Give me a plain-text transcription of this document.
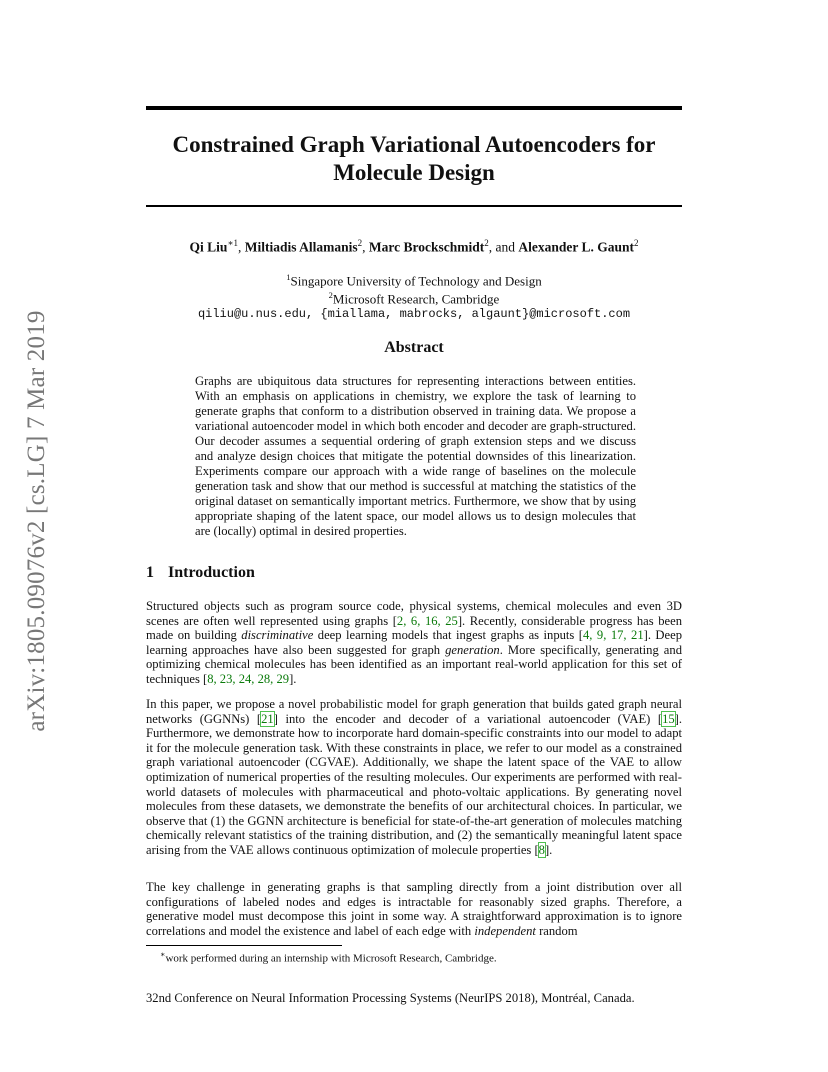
arXiv:1805.09076v2 [cs.LG] 7 Mar 2019
Constrained Graph Variational Autoencoders for
Molecule Design
Qi Liu$^{∗1}$, Miltiadis Allamanis$^2$, Marc Brockschmidt$^2$, and Alexander L. Gaunt$^2$
$^1$Singapore University of Technology and Design
$^2$Microsoft Research, Cambridge
qiliu@u.nus.edu, {miallama, mabrocks, algaunt}@microsoft.com
Abstract

Graphs are ubiquitous data structures for representing interactions between entities. With an emphasis on applications in chemistry, we explore the task of learning to generate graphs that conform to a distribution observed in training data. We propose a variational autoencoder model in which both encoder and decoder are graph-structured. Our decoder assumes a sequential ordering of graph extension steps and we discuss and analyze design choices that mitigate the potential downsides of this linearization. Experiments compare our approach with a wide range of baselines on the molecule generation task and show that our method is successful at matching the statistics of the original dataset on semantically important metrics. Furthermore, we show that by using appropriate shaping of the latent space, our model allows us to design molecules that are (locally) optimal in desired properties.

1 Introduction

Structured objects such as program source code, physical systems, chemical molecules and even 3D scenes are often well represented using graphs [2, 6, 16, 25]. Recently, considerable progress has been made on building discriminative deep learning models that ingest graphs as inputs [4, 9, 17, 21]. Deep learning approaches have also been suggested for graph generation. More specifically, generating and optimizing chemical molecules has been identified as an important real-world application for this set of techniques [8, 23, 24, 28, 29].

In this paper, we propose a novel probabilistic model for graph generation that builds gated graph neural networks (GGNNs) [21] into the encoder and decoder of a variational autoencoder (VAE) [15]. Furthermore, we demonstrate how to incorporate hard domain-specific constraints into our model to adapt it for the molecule generation task. With these constraints in place, we refer to our model as a constrained graph variational autoencoder (CGVAE). Additionally, we shape the latent space of the VAE to allow optimization of numerical properties of the resulting molecules. Our experiments are performed with real-world datasets of molecules with pharmaceutical and photo-voltaic applications. By generating novel molecules from these datasets, we demonstrate the benefits of our architectural choices. In particular, we observe that (1) the GGNN architecture is beneficial for state-of-the-art generation of molecules matching chemically relevant statistics of the training distribution, and (2) the semantically meaningful latent space arising from the VAE allows continuous optimization of molecule properties [8].

The key challenge in generating graphs is that sampling directly from a joint distribution over all configurations of labeled nodes and edges is intractable for reasonably sized graphs. Therefore, a generative model must decompose this joint in some way. A straightforward approximation is to ignore correlations and model the existence and label of each edge with independent random

∗work performed during an internship with Microsoft Research, Cambridge.
32nd Conference on Neural Information Processing Systems (NeurIPS 2018), Montréal, Canada.
